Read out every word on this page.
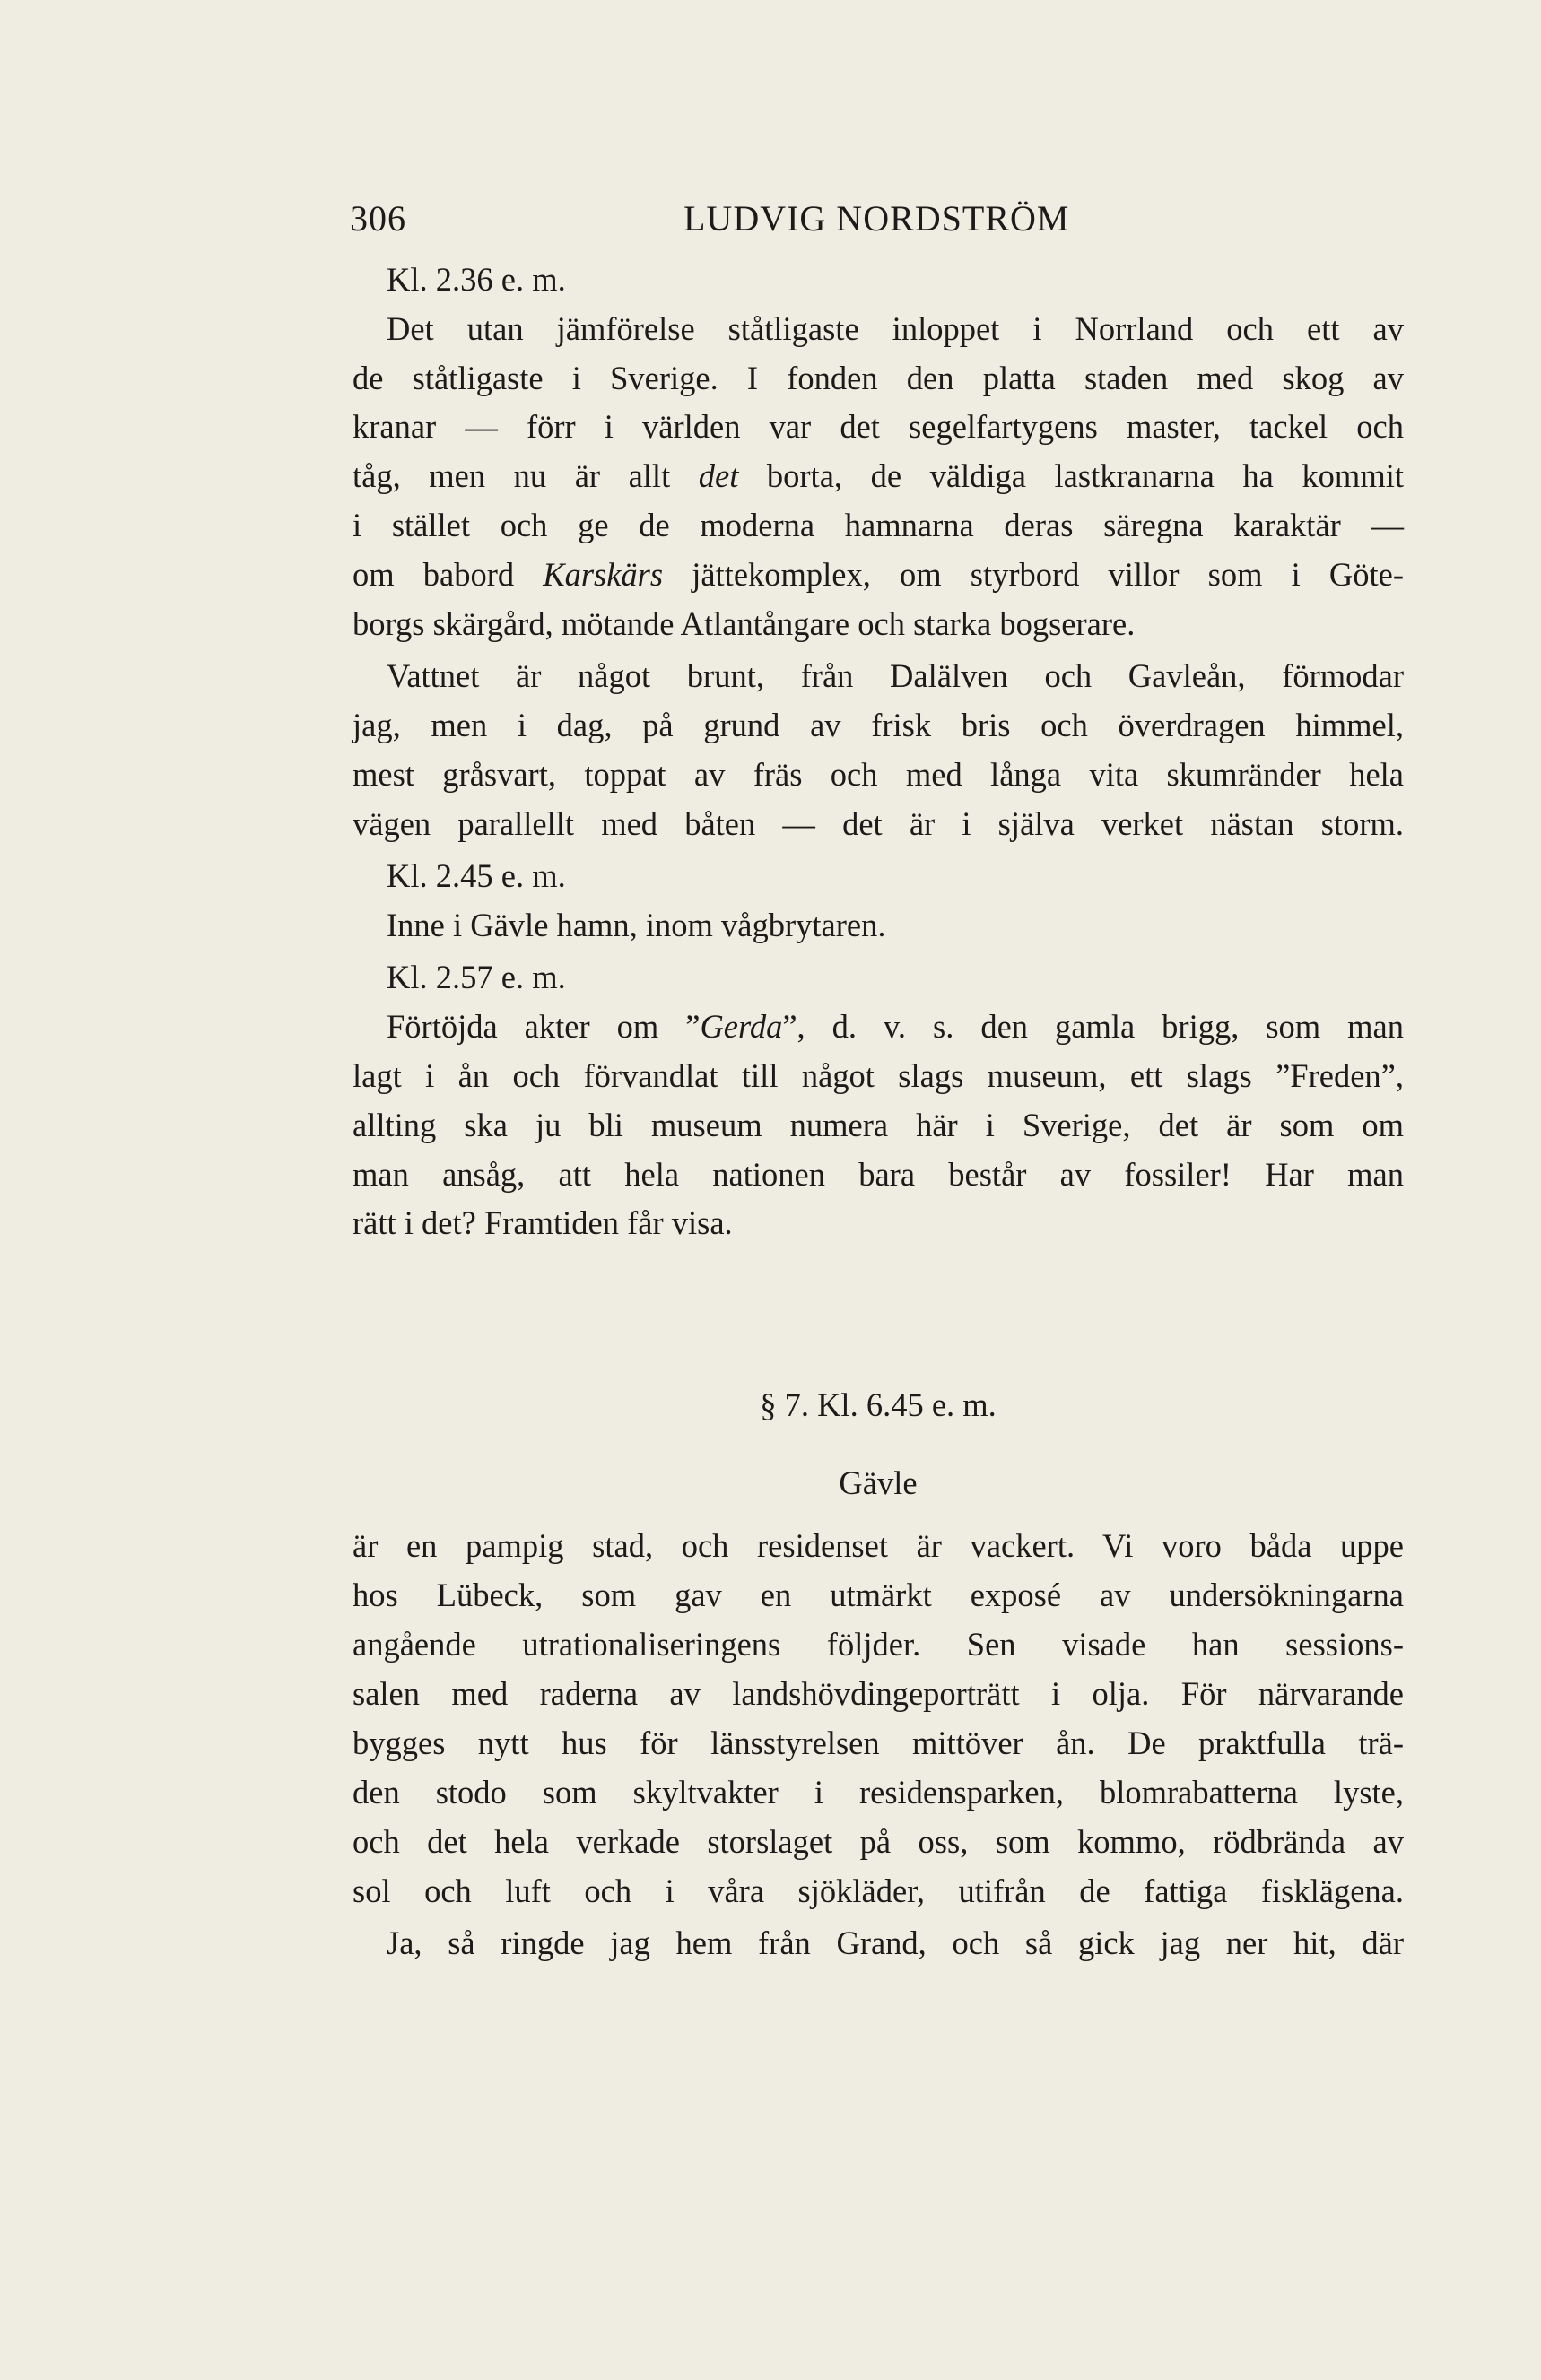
306	LUDVIG NORDSTRÖM
Kl. 2.36 e. m.
Det utan jämförelse ståtligaste inloppet i Norrland och ett av
de ståtligaste i Sverige. I fonden den platta staden med skog av
kranar — förr i världen var det segelfartygens master, tackel och
tåg, men nu är allt det borta, de väldiga lastkranarna ha kommit
i stället och ge de moderna hamnarna deras säregna karaktär —
om babord Karskärs jättekomplex, om styrbord villor som i Göte-
borgs skärgård, mötande Atlantångare och starka bogserare.
Vattnet är något brunt, från Dalälven och Gavleån, förmodar
jag, men i dag, på grund av frisk bris och överdragen himmel,
mest gråsvart, toppat av fräs och med långa vita skumränder hela
vägen parallellt med båten — det är i själva verket nästan storm.
Kl. 2.45 e. m.
Inne i Gävle hamn, inom vågbrytaren.
Kl. 2.57 e. m.
Förtöjda akter om ”Gerda”, d. v. s. den gamla brigg, som man
lagt i ån och förvandlat till något slags museum, ett slags ”Freden”,
allting ska ju bli museum numera här i Sverige, det är som om
man ansåg, att hela nationen bara består av fossiler! Har man
rätt i det? Framtiden får visa.
§ 7. Kl. 6.45 e. m.
Gävle
är en pampig stad, och residenset är vackert. Vi voro båda uppe
hos Lübeck, som gav en utmärkt exposé av undersökningarna
angående utrationaliseringens följder. Sen visade han sessions-
salen med raderna av landshövdingeporträtt i olja. För närvarande
bygges nytt hus för länsstyrelsen mittöver ån. De praktfulla trä-
den stodo som skyltvakter i residensparken, blomrabatterna lyste,
och det hela verkade storslaget på oss, som kommo, rödbrända av
sol och luft och i våra sjökläder, utifrån de fattiga fisklägena.
Ja, så ringde jag hem från Grand, och så gick jag ner hit, där
